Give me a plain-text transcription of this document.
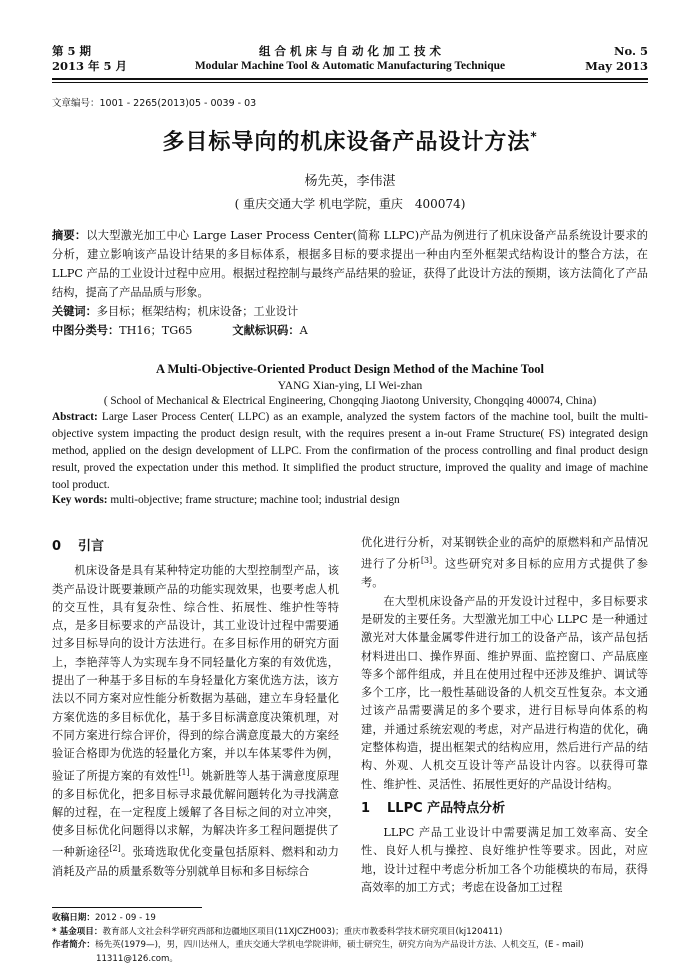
第 5 期
2013 年 5 月
组 合 机 床 与 自 动 化 加 工 技 术
Modular Machine Tool & Automatic Manufacturing Technique
No. 5
May 2013
文章编号：1001 - 2265(2013)05 - 0039 - 03
多目标导向的机床设备产品设计方法*
杨先英，李伟湛
( 重庆交通大学 机电学院，重庆　400074)
摘要：以大型激光加工中心 Large Laser Process Center(简称 LLPC)产品为例进行了机床设备产品系统设计要求的分析，建立影响该产品设计结果的多目标体系，根据多目标的要求提出一种由内至外框架式结构设计的整合方法，在 LLPC 产品的工业设计过程中应用。根据过程控制与最终产品结果的验证，获得了此设计方法的预期，该方法简化了产品结构，提高了产品品质与形象。
关键词：多目标；框架结构；机床设备；工业设计
中图分类号：TH16；TG65	文献标识码：A
A Multi-Objective-Oriented Product Design Method of the Machine Tool
YANG Xian-ying, LI Wei-zhan
( School of Mechanical & Electrical Engineering, Chongqing Jiaotong University, Chongqing 400074, China)
Abstract: Large Laser Process Center( LLPC) as an example, analyzed the system factors of the machine tool, built the multi-objective system impacting the product design result, with the requires present a in-out Frame Structure( FS) integrated design method, applied on the design development of LLPC. From the confirmation of the process controlling and final product design result, proved the expectation under this method. It simplified the product structure, improved the quality and image of machine tool product.
Key words: multi-objective; frame structure; machine tool; industrial design
0 引言

机床设备是具有某种特定功能的大型控制型产品，该类产品设计既要兼顾产品的功能实现效果，也要考虑人机的交互性，具有复杂性、综合性、拓展性、维护性等特点，是多目标要求的产品设计，其工业设计过程中需要通过多目标导向的设计方法进行。在多目标作用的研究方面上，李艳萍等人为实现车身不同轻量化方案的有效优选，提出了一种基于多目标的车身轻量化方案优选方法，该方法以不同方案对应性能分析数据为基础，建立车身轻量化方案优选的多目标优化，基于多目标满意度决策机理，对不同方案进行综合评价，得到的综合满意度最大的方案经验证合格即为优选的轻量化方案，并以车体某零件为例，验证了所提方案的有效性[1]。姚新胜等人基于满意度原理的多目标优化，把多目标寻求最优解问题转化为寻找满意解的过程，在一定程度上缓解了各目标之间的对立冲突，使多目标优化问题得以求解，为解决许多工程问题提供了一种新途径[2]。张琦选取优化变量包括原料、燃料和动力消耗及产品的质量系数等分别就单目标和多目标综合

优化进行分析，对某钢铁企业的高炉的原燃料和产品情况进行了分析[3]。这些研究对多目标的应用方式提供了参考。

在大型机床设备产品的开发设计过程中，多目标要求是研发的主要任务。大型激光加工中心 LLPC 是一种通过激光对大体量金属零件进行加工的设备产品，该产品包括材料进出口、操作界面、维护界面、监控窗口、产品底座等多个部件组成，并且在使用过程中还涉及维护、调试等多个工序，比一般性基础设备的人机交互性复杂。本文通过该产品需要满足的多个要求，进行目标导向体系的构建，并通过系统宏观的考虑，对产品进行构造的优化，确定整体构造，提出框架式的结构应用，然后进行产品的结构、外观、人机交互设计等产品设计内容。以获得可靠性、维护性、灵活性、拓展性更好的产品设计结构。

1 LLPC 产品特点分析

LLPC 产品工业设计中需要满足加工效率高、安全性、良好人机与操控、良好维护性等要求。因此，对应地，设计过程中考虑分析加工各个功能模块的布局，获得高效率的加工方式；考虑在设备加工过程

收稿日期：2012 - 09 - 19
* 基金项目：教育部人文社会科学研究西部和边疆地区项目(11XJCZH003)；重庆市教委科学技术研究项目(kj120411)
作者简介：杨先英(1979—)，男，四川达州人，重庆交通大学机电学院讲师，硕士研究生，研究方向为产品设计方法、人机交互，(E - mail)
11311@126.com。
